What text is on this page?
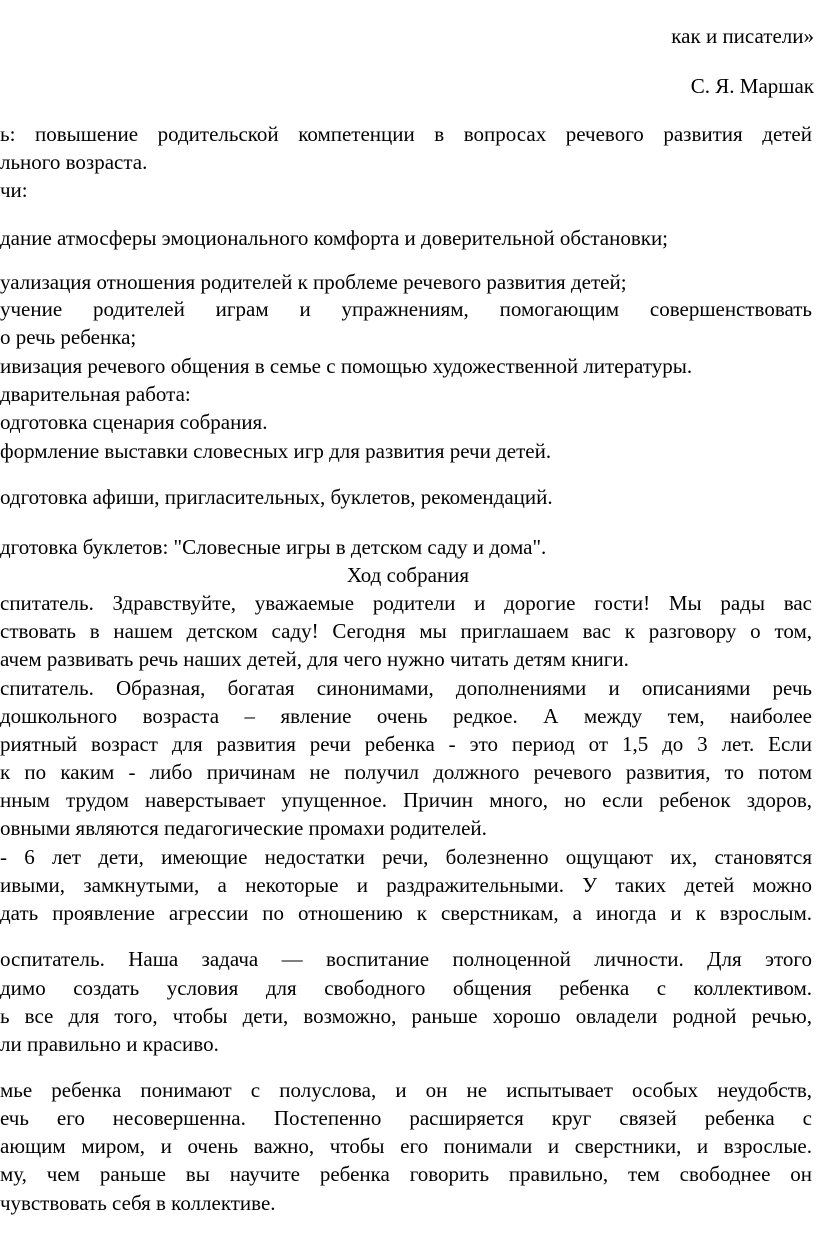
как и писатели»
С. Я. Маршак
ь: повышение родительской компетенции в вопросах речевого развития детей
льного возраста.
чи:
дание атмосферы эмоционального комфорта и доверительной обстановки;
уализация отношения родителей к проблеме речевого развития детей;
учение родителей играм и упражнениям, помогающим совершенствовать
о речь ребенка;
ивизация речевого общения в семье с помощью художественной литературы.
дварительная работа:
одготовка сценария собрания.
формление выставки словесных игр для развития речи детей.
одготовка афиши, пригласительных, буклетов, рекомендаций.
дготовка буклетов: "Словесные игры в детском саду и дома".
Ход собрания
спитатель. Здравствуйте, уважаемые родители и дорогие гости! Мы рады вас
ствовать в нашем детском саду! Сегодня мы приглашаем вас к разговору о том,
ачем развивать речь наших детей, для чего нужно читать детям книги.
спитатель. Образная, богатая синонимами, дополнениями и описаниями речь
дошкольного возраста – явление очень редкое. А между тем, наиболее
риятный возраст для развития речи ребенка - это период от 1,5 до 3 лет. Если
к по каким - либо причинам не получил должного речевого развития, то потом
нным трудом наверстывает упущенное. Причин много, но если ребенок здоров,
овными являются педагогические промахи родителей.
- 6 лет дети, имеющие недостатки речи, болезненно ощущают их, становятся
ивыми, замкнутыми, а некоторые и раздражительными. У таких детей можно
дать проявление агрессии по отношению к сверстникам, а иногда и к взрослым.
оспитатель. Наша задача — воспитание полноценной личности. Для этого
димо создать условия для свободного общения ребенка с коллективом.
ь все для того, чтобы дети, возможно, раньше хорошо овладели родной речью,
ли правильно и красиво.
мье ребенка понимают с полуслова, и он не испытывает особых неудобств,
ечь его несовершенна. Постепенно расширяется круг связей ребенка с
ающим миром, и очень важно, чтобы его понимали и сверстники, и взрослые.
му, чем раньше вы научите ребенка говорить правильно, тем свободнее он
чувствовать себя в коллективе.
